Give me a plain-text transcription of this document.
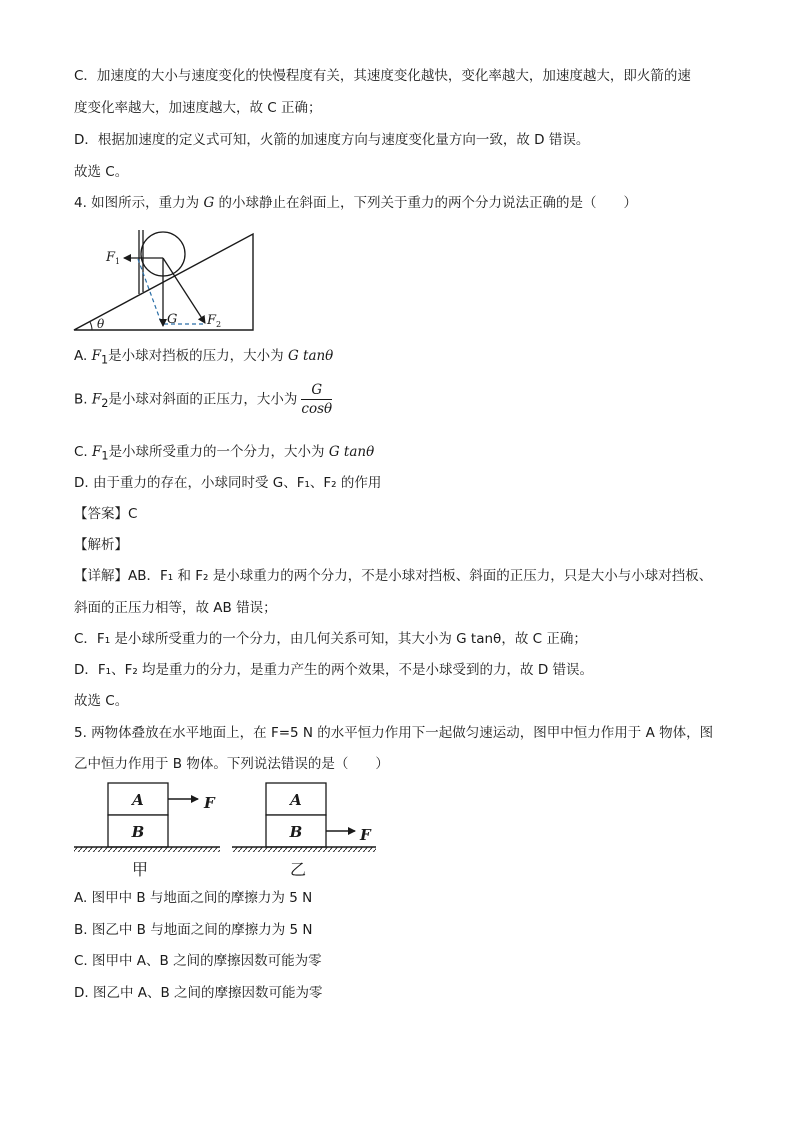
C．加速度的大小与速度变化的快慢程度有关，其速度变化越快，变化率越大，加速度越大，即火箭的速
度变化率越大，加速度越大，故 C 正确；
D．根据加速度的定义式可知，火箭的加速度方向与速度变化量方向一致，故 D 错误。
故选 C。
4. 如图所示，重力为 G 的小球静止在斜面上，下列关于重力的两个分力说法正确的是（　　）
$F_1$
G $F_2$
θ
A. $F_1$是小球对挡板的压力，大小为 G tanθ
B. $F_2$是小球对斜面的正压力，大小为 $\frac{G}{\cos\theta}$
C. $F_1$是小球所受重力的一个分力，大小为 G tanθ
D. 由于重力的存在，小球同时受 G、F₁、F₂ 的作用
【答案】C
【解析】
【详解】AB．F₁ 和 F₂ 是小球重力的两个分力，不是小球对挡板、斜面的正压力，只是大小与小球对挡板、
斜面的正压力相等，故 AB 错误；
C．F₁ 是小球所受重力的一个分力，由几何关系可知，其大小为 G tanθ，故 C 正确；
D．F₁、F₂ 均是重力的分力，是重力产生的两个效果，不是小球受到的力，故 D 错误。
故选 C。
5. 两物体叠放在水平地面上，在 F=5 N 的水平恒力作用下一起做匀速运动，图甲中恒力作用于 A 物体，图
乙中恒力作用于 B 物体。下列说法错误的是（　　）
A
B
F
甲
A
B	F
乙
A. 图甲中 B 与地面之间的摩擦力为 5 N
B. 图乙中 B 与地面之间的摩擦力为 5 N
C. 图甲中 A、B 之间的摩擦因数可能为零
D. 图乙中 A、B 之间的摩擦因数可能为零
